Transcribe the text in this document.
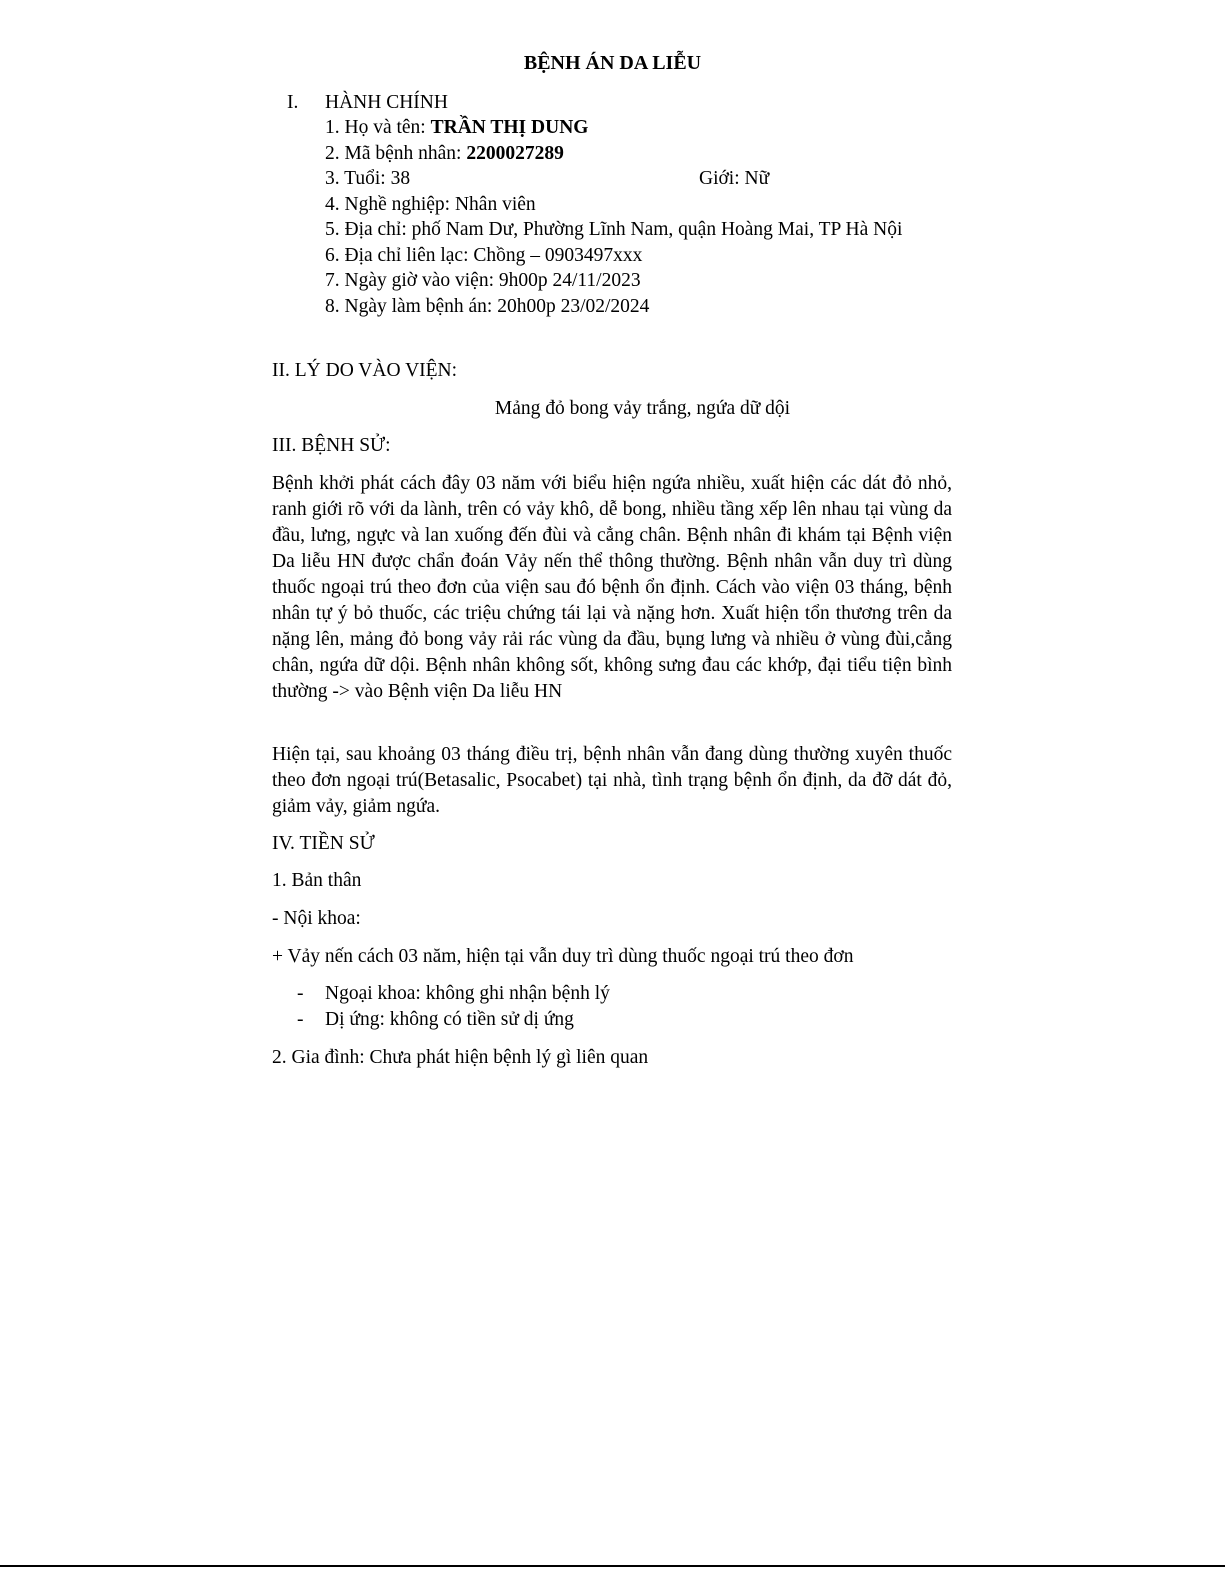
BỆNH ÁN DA LIỄU
I. HÀNH CHÍNH
1. Họ và tên: TRẦN THỊ DUNG
2. Mã bệnh nhân: 2200027289
3. Tuổi: 38	Giới: Nữ
4. Nghề nghiệp: Nhân viên
5. Địa chỉ: phố Nam Dư, Phường Lĩnh Nam, quận Hoàng Mai, TP Hà Nội
6. Địa chỉ liên lạc: Chồng – 0903497xxx
7. Ngày giờ vào viện: 9h00p 24/11/2023
8. Ngày làm bệnh án: 20h00p 23/02/2024
II. LÝ DO VÀO VIỆN:
Mảng đỏ bong vảy trắng, ngứa dữ dội
III. BỆNH SỬ:
Bệnh khởi phát cách đây 03 năm với biểu hiện ngứa nhiều, xuất hiện các dát đỏ nhỏ, ranh giới rõ với da lành, trên có vảy khô, dễ bong, nhiều tầng xếp lên nhau tại vùng da đầu, lưng, ngực và lan xuống đến đùi và cẳng chân. Bệnh nhân đi khám tại Bệnh viện Da liễu HN được chẩn đoán Vảy nến thể thông thường. Bệnh nhân vẫn duy trì dùng thuốc ngoại trú theo đơn của viện sau đó bệnh ổn định. Cách vào viện 03 tháng, bệnh nhân tự ý bỏ thuốc, các triệu chứng tái lại và nặng hơn. Xuất hiện tổn thương trên da nặng lên, mảng đỏ bong vảy rải rác vùng da đầu, bụng lưng và nhiều ở vùng đùi,cẳng chân, ngứa dữ dội. Bệnh nhân không sốt, không sưng đau các khớp, đại tiểu tiện bình thường -> vào Bệnh viện Da liễu HN
Hiện tại, sau khoảng 03 tháng điều trị, bệnh nhân vẫn đang dùng thường xuyên thuốc theo đơn ngoại trú(Betasalic, Psocabet) tại nhà, tình trạng bệnh ổn định, da đỡ dát đỏ, giảm vảy, giảm ngứa.
IV. TIỀN SỬ
1. Bản thân
- Nội khoa:
+ Vảy nến cách 03 năm, hiện tại vẫn duy trì dùng thuốc ngoại trú theo đơn
- Ngoại khoa: không ghi nhận bệnh lý
- Dị ứng: không có tiền sử dị ứng
2. Gia đình: Chưa phát hiện bệnh lý gì liên quan
